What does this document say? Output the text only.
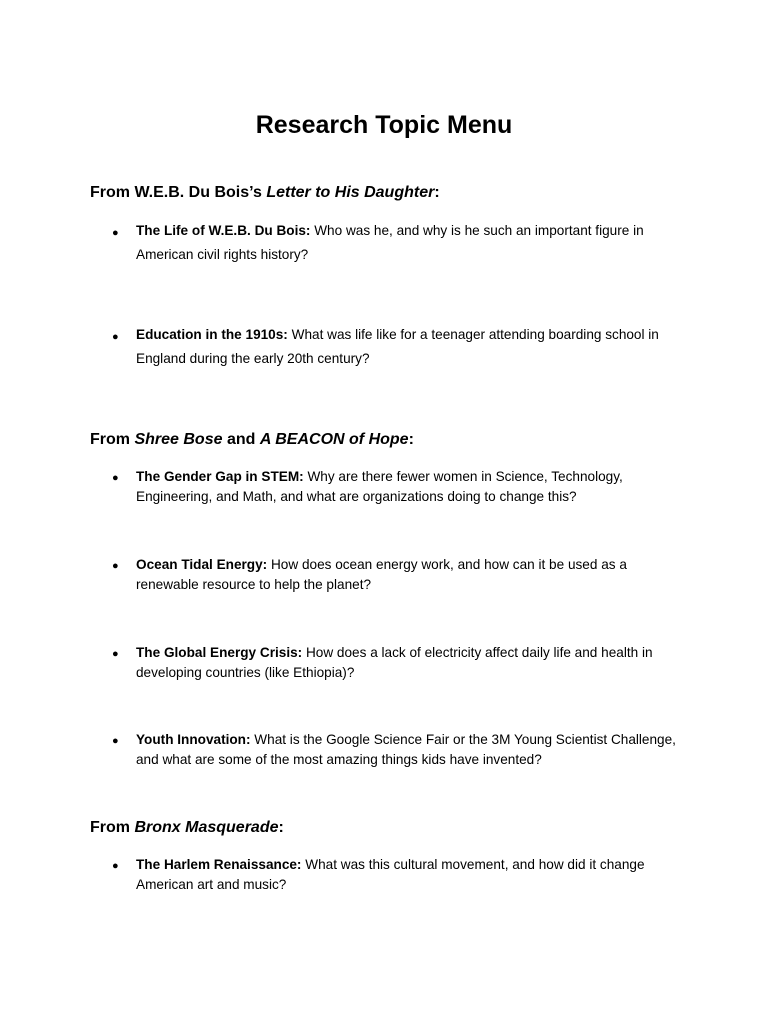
Research Topic Menu
From W.E.B. Du Bois’s Letter to His Daughter:
●	The Life of W.E.B. Du Bois: Who was he, and why is he such an important figure in American civil rights history?
●	Education in the 1910s: What was life like for a teenager attending boarding school in England during the early 20th century?
From Shree Bose and A BEACON of Hope:
●	The Gender Gap in STEM: Why are there fewer women in Science, Technology, Engineering, and Math, and what are organizations doing to change this?
●	Ocean Tidal Energy: How does ocean energy work, and how can it be used as a renewable resource to help the planet?
●	The Global Energy Crisis: How does a lack of electricity affect daily life and health in developing countries (like Ethiopia)?
●	Youth Innovation: What is the Google Science Fair or the 3M Young Scientist Challenge, and what are some of the most amazing things kids have invented?
From Bronx Masquerade:
●	The Harlem Renaissance: What was this cultural movement, and how did it change American art and music?
